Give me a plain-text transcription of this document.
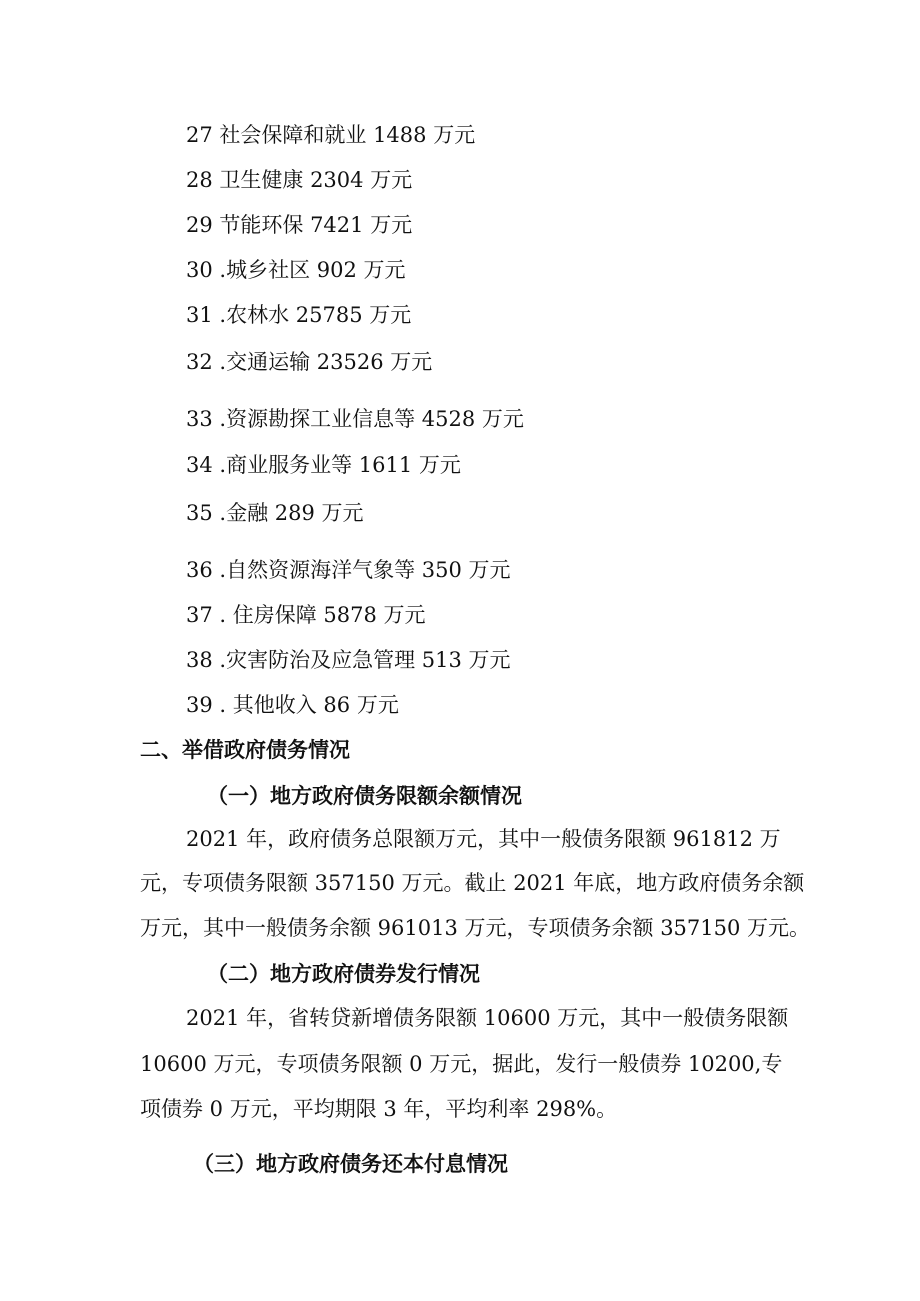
27 社会保障和就业 1488 万元
28 卫生健康 2304 万元
29 节能环保 7421 万元
30 .城乡社区 902 万元
31 .农林水 25785 万元
32 .交通运输 23526 万元
33 .资源勘探工业信息等 4528 万元
34 .商业服务业等 1611 万元
35 .金融 289 万元
36 .自然资源海洋气象等 350 万元
37 . 住房保障 5878 万元
38 .灾害防治及应急管理 513 万元
39 . 其他收入 86 万元
二、举借政府债务情况
（一）地方政府债务限额余额情况
2021 年，政府债务总限额万元，其中一般债务限额 961812 万
元，专项债务限额 357150 万元。截止 2021 年底，地方政府债务余额
万元，其中一般债务余额 961013 万元，专项债务余额 357150 万元。
（二）地方政府债券发行情况
2021 年，省转贷新增债务限额 10600 万元，其中一般债务限额
10600 万元，专项债务限额 0 万元，据此，发行一般债券 10200,专
项债券 0 万元，平均期限 3 年，平均利率 298%。
（三）地方政府债务还本付息情况
